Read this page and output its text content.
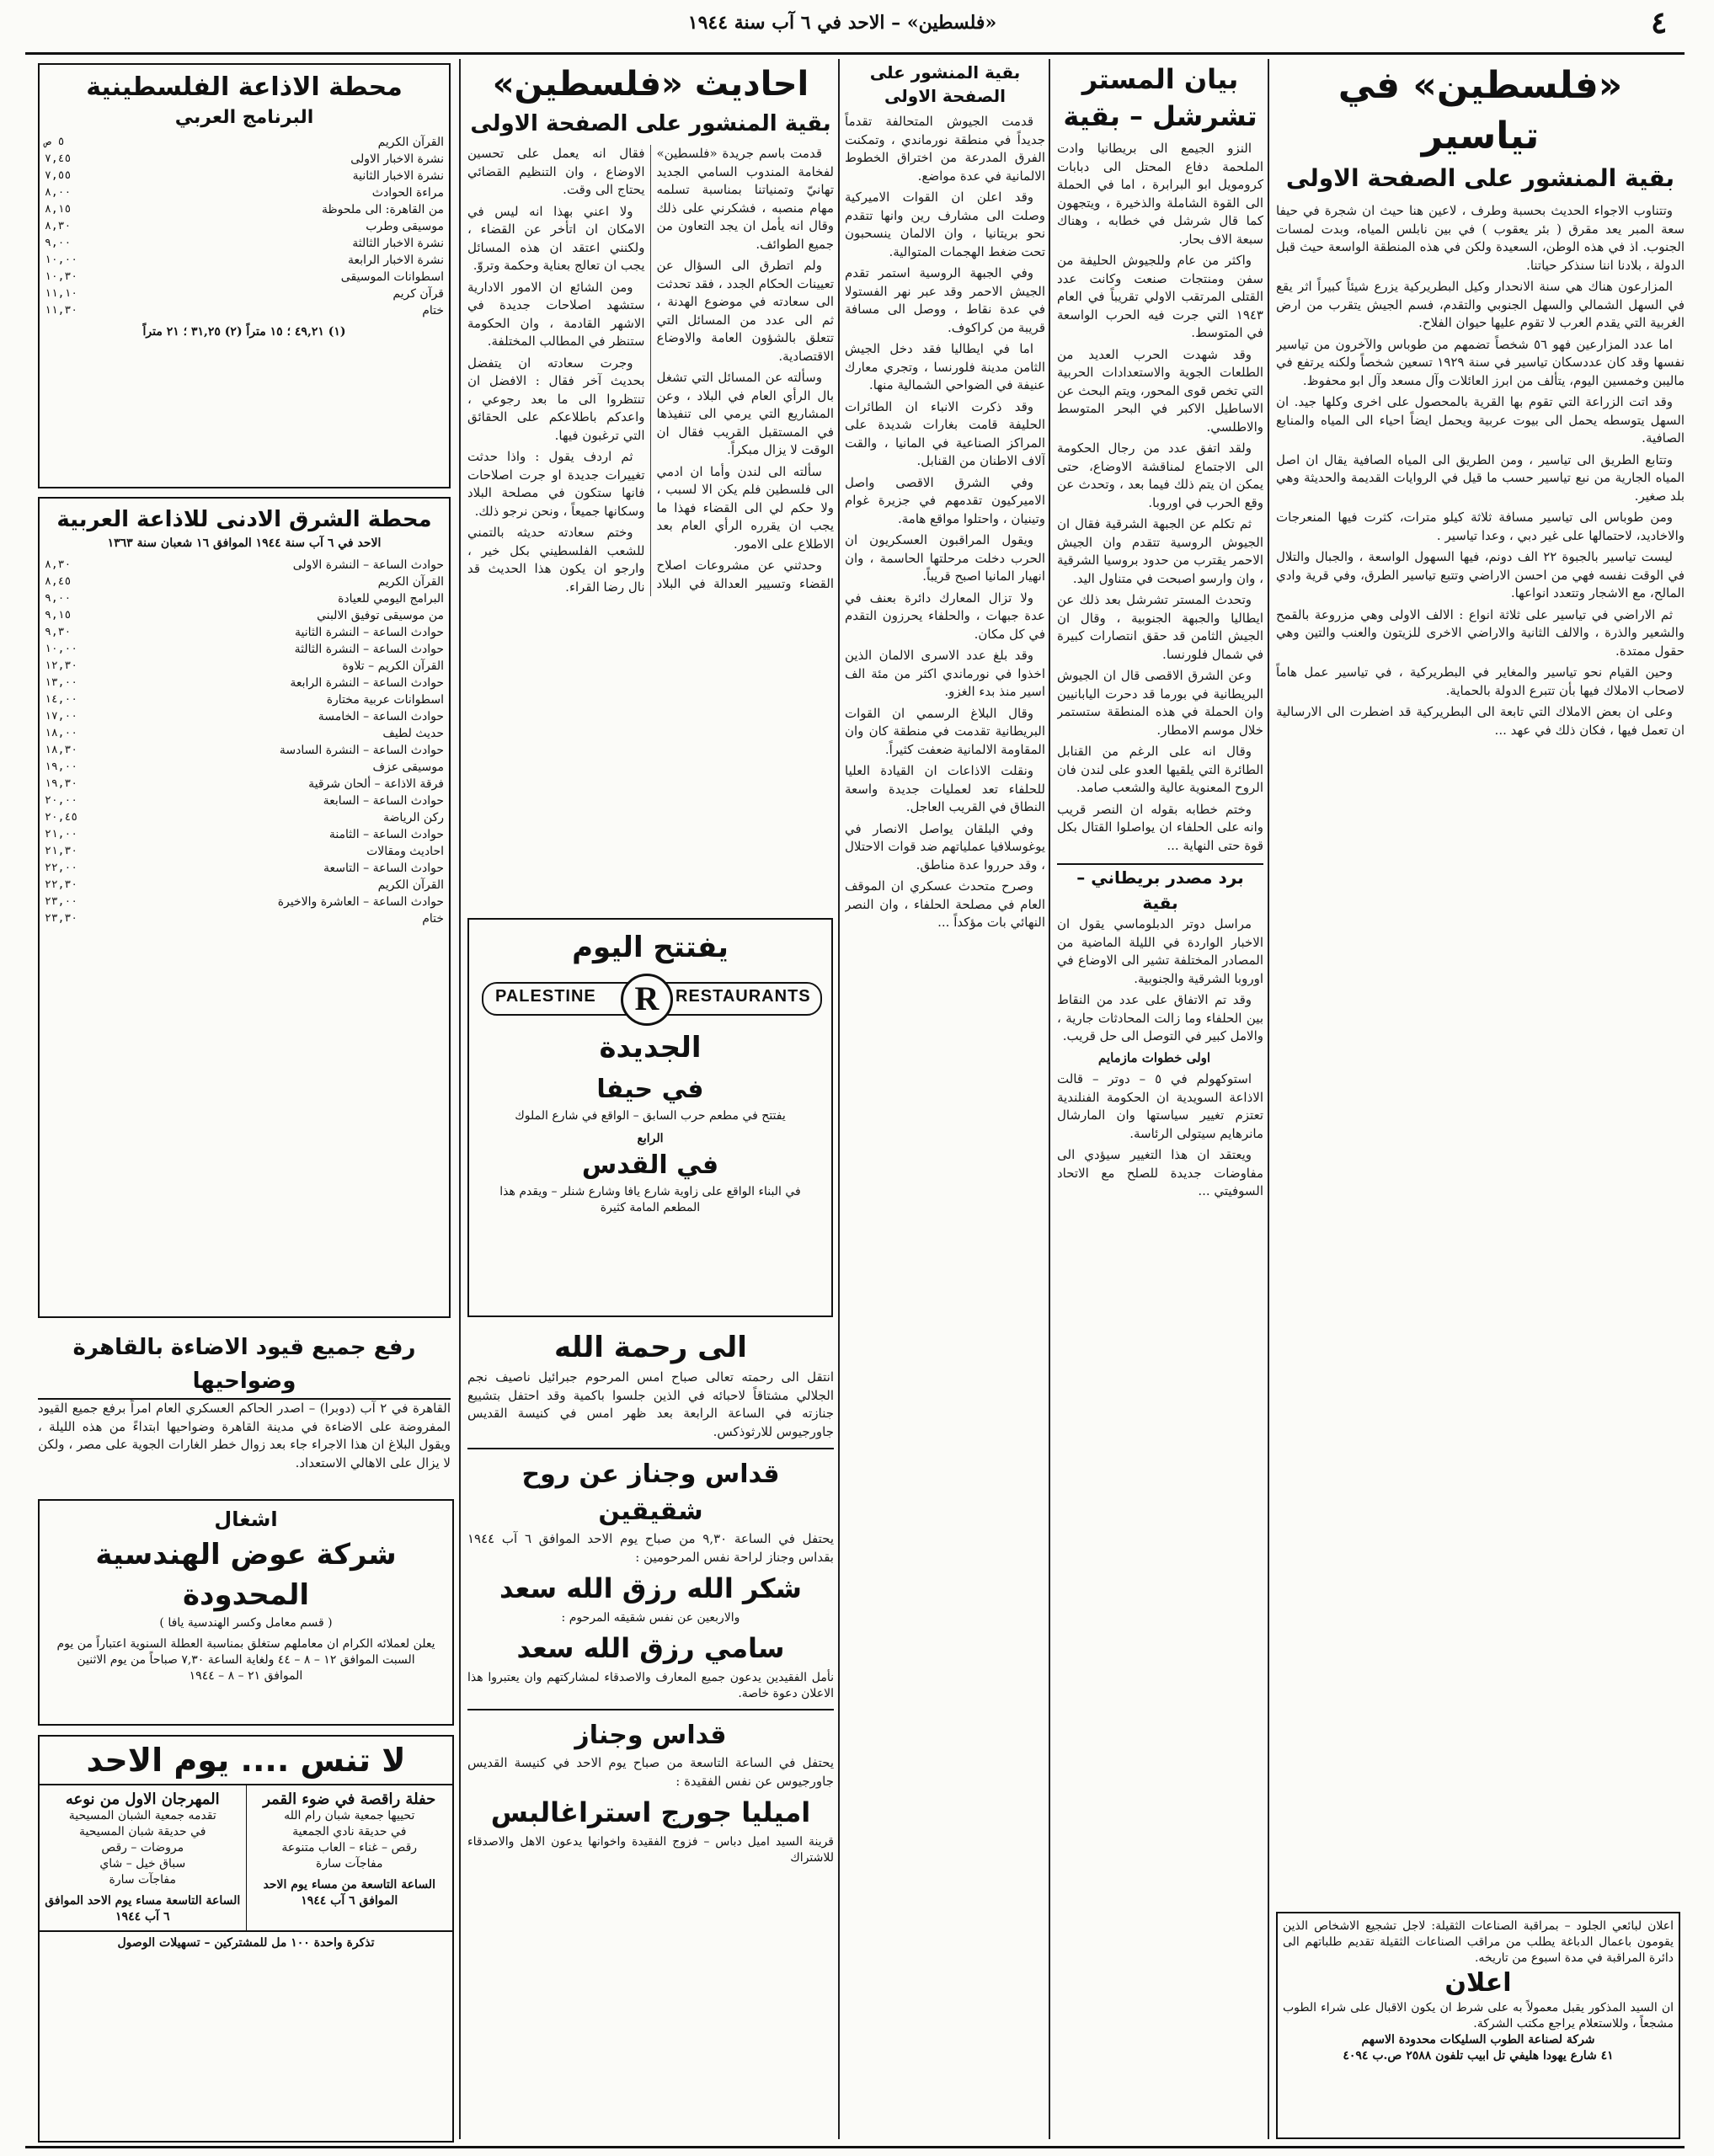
٤
«فلسطين» – الاحد في ٦ آب سنة ١٩٤٤
«فلسطين» في تياسير
بقية المنشور على الصفحة الاولى

وتتناوب الاجواء الحديث بحسبة وطرف ، لاعين هنا حيث ان شجرة في حيفا سعة المبر يعد مقرق ( بئر يعقوب ) في بين نابلس المياه، وبدت لمسات الجنوب. اذ في هذه الوطن، السعيدة ولكن في هذه المنطقة الواسعة حيث قبل الدولة ، بلادنا اننا سنذكر حياتنا.

المزارعون هناك هي سنة الانحدار وكيل البطريركية يزرع شيئاً كبيراً اثر يقع في السهل الشمالي والسهل الجنوبي والتقدم، فسم الجيش يتقرب من ارض الغربية التي يقدم العرب لا تقوم عليها حيوان الفلاح.

اما عدد المزارعين فهو ٥٦ شخصاً تضمهم من طوباس والآخرون من تياسير نفسها وقد كان عددسكان تياسير في سنة ١٩٢٩ تسعين شخصاً ولكنه يرتفع في ماليبن وخمسين اليوم، يتألف من ابرز العائلات وآل مسعد وآل ابو محفوظ.

وقد اتت الزراعة التي تقوم بها القرية بالمحصول على اخرى وكلها جيد. ان السهل يتوسطه يحمل الى بيوت عربية ويحمل ايضاً احياء الى المياه والمنابع الصافية.

وتتابع الطريق الى تياسير ، ومن الطريق الى المياه الصافية يقال ان اصل المياه الجارية من نبع تياسير حسب ما قيل في الروايات القديمة والحديثة وهي بلد صغير.

ومن طوباس الى تياسير مسافة ثلاثة كيلو مترات، كثرت فيها المنعرجات والاخاديد، لاحتمالها على غير دبي ، وعدا تياسير .

ليست تياسير بالجبوة ٢٢ الف دونم، فيها السهول الواسعة ، والجبال والتلال في الوقت نفسه فهي من احسن الاراضي وتتبع تياسير الطرق، وفي قرية وادي المالح، مع الاشجار وتتعدد انواعها.

ثم الاراضي في تياسير على ثلاثة انواع : الالف الاولى وهي مزروعة بالقمح والشعير والذرة ، والالف الثانية والاراضي الاخرى للزيتون والعنب والتين وهي حقول ممتدة.

وحين القيام نحو تياسير والمغاير في البطريركية ، في تياسير عمل هاماً لاصحاب الاملاك فيها بأن تتبرع الدولة بالحماية.

وعلى ان بعض الاملاك التي تابعة الى البطريركية قد اضطرت الى الارسالية ان تعمل فيها ، فكان ذلك في عهد ...

اعلان لبائعي الجلود – بمراقبة الصناعات الثقيلة: لاجل تشجيع الاشخاص الذين يقومون باعمال الدباغة يطلب من مراقب الصناعات الثقيلة تقديم طلباتهم الى دائرة المراقبة في مدة اسبوع من تاريخه.
اعلان
ان السيد المذكور يقبل معمولاً به على شرط ان يكون الاقبال على شراء الطوب مشجعاً ، وللاستعلام يراجع مكتب الشركة.
شركة لصناعة الطوب السليكات محدودة الاسهم
٤١ شارع يهودا هليفي تل ابيب تلفون ٢٥٨٨ ص.ب ٤٠٩٤
بيان المستر تشرشل – بقية

النزو الجيمع الى بريطانيا وادت الملحمة دفاع المحتل الى دبابات كرومويل ابو البرابرة ، اما في الحملة الى القوة الشاملة والذخيرة ، ويتجهون كما قال شرشل في خطابه ، وهناك سبعة الاف بحار.

واكثر من عام وللجيوش الحليفة من سفن ومنتجات صنعت وكانت عدد القتلى المرتقب الاولي تقريباً في العام ١٩٤٣ التي جرت فيه الحرب الواسعة في المتوسط.

وقد شهدت الحرب العديد من الطلعات الجوية والاستعدادات الحربية التي تخص قوى المحور، ويتم البحث عن الاساطيل الاكبر في البحر المتوسط والاطلسي.

ولقد اتفق عدد من رجال الحكومة الى الاجتماع لمناقشة الاوضاع، حتى يمكن ان يتم ذلك فيما بعد ، وتحدث عن وقع الحرب في اوروبا.

ثم تكلم عن الجبهة الشرقية فقال ان الجيوش الروسية تتقدم وان الجيش الاحمر يقترب من حدود بروسيا الشرقية ، وان وارسو اصبحت في متناول اليد.

وتحدث المستر تشرشل بعد ذلك عن ايطاليا والجبهة الجنوبية ، وقال ان الجيش الثامن قد حقق انتصارات كبيرة في شمال فلورنسا.

وعن الشرق الاقصى قال ان الجيوش البريطانية في بورما قد دحرت اليابانيين وان الحملة في هذه المنطقة ستستمر خلال موسم الامطار.

وقال انه على الرغم من القنابل الطائرة التي يلقيها العدو على لندن فان الروح المعنوية عالية والشعب صامد.

وختم خطابه بقوله ان النصر قريب وانه على الحلفاء ان يواصلوا القتال بكل قوة حتى النهاية ...

برد مصدر بريطاني – بقية

مراسل دوتر الدبلوماسي يقول ان الاخبار الواردة في الليلة الماضية من المصادر المختلفة تشير الى الاوضاع في اوروبا الشرقية والجنوبية.

وقد تم الاتفاق على عدد من النقاط بين الحلفاء وما زالت المحادثات جارية ، والامل كبير في التوصل الى حل قريب.

اولى خطوات مازمايم

استوكهولم في ٥ – دوتر – قالت الاذاعة السويدية ان الحكومة الفنلندية تعتزم تغيير سياستها وان المارشال مانرهايم سيتولى الرئاسة.

ويعتقد ان هذا التغيير سيؤدي الى مفاوضات جديدة للصلح مع الاتحاد السوفيتي ...

بقية المنشور على الصفحة الاولى

قدمت الجيوش المتحالفة تقدماً جديداً في منطقة نورماندي ، وتمكنت الفرق المدرعة من اختراق الخطوط الالمانية في عدة مواضع.

وقد اعلن ان القوات الاميركية وصلت الى مشارف رين وانها تتقدم نحو بريتانيا ، وان الالمان ينسحبون تحت ضغط الهجمات المتوالية.

وفي الجبهة الروسية استمر تقدم الجيش الاحمر وقد عبر نهر الفستولا في عدة نقاط ، ووصل الى مسافة قريبة من كراكوف.

اما في ايطاليا فقد دخل الجيش الثامن مدينة فلورنسا ، وتجري معارك عنيفة في الضواحي الشمالية منها.

وقد ذكرت الانباء ان الطائرات الحليفة قامت بغارات شديدة على المراكز الصناعية في المانيا ، والقت آلاف الاطنان من القنابل.

وفي الشرق الاقصى واصل الاميركيون تقدمهم في جزيرة غوام وتينيان ، واحتلوا مواقع هامة.

ويقول المراقبون العسكريون ان الحرب دخلت مرحلتها الحاسمة ، وان انهيار المانيا اصبح قريباً.

ولا تزال المعارك دائرة بعنف في عدة جبهات ، والحلفاء يحرزون التقدم في كل مكان.

وقد بلغ عدد الاسرى الالمان الذين اخذوا في نورماندي اكثر من مئة الف اسير منذ بدء الغزو.

وقال البلاغ الرسمي ان القوات البريطانية تقدمت في منطقة كان وان المقاومة الالمانية ضعفت كثيراً.

ونقلت الاذاعات ان القيادة العليا للحلفاء تعد لعمليات جديدة واسعة النطاق في القريب العاجل.

وفي البلقان يواصل الانصار في يوغوسلافيا عملياتهم ضد قوات الاحتلال ، وقد حرروا عدة مناطق.

وصرح متحدث عسكري ان الموقف العام في مصلحة الحلفاء ، وان النصر النهائي بات مؤكداً ...

احاديث «فلسطين»
بقية المنشور على الصفحة الاولى

قدمت باسم جريدة «فلسطين» لفخامة المندوب السامي الجديد تهانيّ وتمنياتنا بمناسبة تسلمه مهام منصبه ، فشكرني على ذلك وقال انه يأمل ان يجد التعاون من جميع الطوائف.

ولم اتطرق الى السؤال عن تعيينات الحكام الجدد ، فقد تحدثت الى سعادته في موضوع الهدنة ، ثم الى عدد من المسائل التي تتعلق بالشؤون العامة والاوضاع الاقتصادية.

وسألته عن المسائل التي تشغل بال الرأي العام في البلاد ، وعن المشاريع التي يرمي الى تنفيذها في المستقبل القريب فقال ان الوقت لا يزال مبكراً.

سألته الى لندن وأما ان ادمي الى فلسطين فلم يكن الا لسبب ، ولا حكم لي الى القضاء فهذا ما يجب ان يقرره الرأي العام بعد الاطلاع على الامور.

وحدثني عن مشروعات اصلاح القضاء وتسيير العدالة في البلاد فقال انه يعمل على تحسين الاوضاع ، وان التنظيم القضائي يحتاج الى وقت.

ولا اعني بهذا انه ليس في الامكان ان اتأخر عن القضاء ، ولكنني اعتقد ان هذه المسائل يجب ان تعالج بعناية وحكمة وتروّ.

ومن الشائع ان الامور الادارية ستشهد اصلاحات جديدة في الاشهر القادمة ، وان الحكومة ستنظر في المطالب المختلفة.

وجرت سعادته ان يتفضل بحديث آخر فقال : الافضل ان تنتظروا الى ما بعد رجوعي ، واعدكم باطلاعكم على الحقائق التي ترغبون فيها.

ثم اردف يقول : واذا حدثت تغييرات جديدة او جرت اصلاحات فانها ستكون في مصلحة البلاد وسكانها جميعاً ، ونحن نرجو ذلك.

وختم سعادته حديثه بالتمني للشعب الفلسطيني بكل خير ، وارجو ان يكون هذا الحديث قد نال رضا القراء.

يفتتح اليوم
PALESTINE	R RESTAURANTS
الجديدة
في حيفا
يفتتح في مطعم حرب السابق – الواقع في شارع الملوك
الرابع
في القدس
في البناء الواقع على زاوية شارع يافا وشارع شنلر – ويقدم هذا المطعم المامة كثيرة
الى رحمة الله
انتقل الى رحمته تعالى صباح امس المرحوم جبرائيل ناصيف نجم الجلالي مشتاقاً لاحبائه في الذين جلسوا باكمية وقد احتفل بتشييع جنازته في الساعة الرابعة بعد ظهر امس في كنيسة القديس جاورجيوس للارثوذكس.
قداس وجناز عن روح شقيقين
يحتفل في الساعة ٩,٣٠ من صباح يوم الاحد الموافق ٦ آب ١٩٤٤ بقداس وجناز لراحة نفس المرحومين :
شكر الله رزق الله سعد
والاربعين عن نفس شقيقه المرحوم :
سامي رزق الله سعد
نأمل الفقيدين يدعون جميع المعارف والاصدقاء لمشاركتهم وان يعتبروا هذا الاعلان دعوة خاصة.
قداس وجناز
يحتفل في الساعة التاسعة من صباح يوم الاحد في كنيسة القديس جاورجيوس عن نفس الفقيدة :
اميليا جورج استراغالبس
قرينة السيد اميل دباس – فزوج الفقيدة واخوانها يدعون الاهل والاصدقاء للاشتراك
محطة الاذاعة الفلسطينية
البرنامج العربي
القرآن الكريم
٥ ص
نشرة الاخبار الاولى
٧,٤٥
نشرة الاخبار الثانية
٧,٥٥
مراءة الحوادث
٨,٠٠
من القاهرة: الى ملحوظة
٨,١٥
موسيقى وطرب
٨,٣٠
نشرة الاخبار الثالثة
٩,٠٠
نشرة الاخبار الرابعة
١٠,٠٠
اسطوانات الموسيقى
١٠,٣٠
قرآن كريم
١١,١٠
ختام
١١,٣٠
(١) ٤٩,٢١ ؛ ١٥ متراً (٢) ٣١,٢٥ ؛ ٢١ متراً
محطة الشرق الادنى للاذاعة العربية
الاحد في ٦ آب سنة ١٩٤٤ الموافق ١٦ شعبان سنة ١٣٦٣
حوادث الساعة – النشرة الاولى
٨,٣٠
القرآن الكريم
٨,٤٥
البرامج اليومي للعيادة
٩,٠٠
من موسيقى توفيق الالبني
٩,١٥
حوادث الساعة – النشرة الثانية
٩,٣٠
حوادث الساعة – النشرة الثالثة
١٠,٠٠
القرآن الكريم – تلاوة
١٢,٣٠
حوادث الساعة – النشرة الرابعة
١٣,٠٠
اسطوانات عربية مختارة
١٤,٠٠
حوادث الساعة – الخامسة
١٧,٠٠
حديث لطيف
١٨,٠٠
حوادث الساعة – النشرة السادسة
١٨,٣٠
موسيقى عزف
١٩,٠٠
فرقة الاذاعة – ألحان شرقية
١٩,٣٠
حوادث الساعة – السابعة
٢٠,٠٠
ركن الرياضة
٢٠,٤٥
حوادث الساعة – الثامنة
٢١,٠٠
احاديث ومقالات
٢١,٣٠
حوادث الساعة – التاسعة
٢٢,٠٠
القرآن الكريم
٢٢,٣٠
حوادث الساعة – العاشرة والاخيرة
٢٣,٠٠
ختام
٢٣,٣٠
رفع جميع قيود الاضاءة بالقاهرة وضواحيها
القاهرة في ٢ آب (دوبرا) – اصدر الحاكم العسكري العام امراً برفع جميع القيود المفروضة على الاضاءة في مدينة القاهرة وضواحيها ابتداءً من هذه الليلة ، ويقول البلاغ ان هذا الاجراء جاء بعد زوال خطر الغارات الجوية على مصر ، ولكن لا يزال على الاهالي الاستعداد.
اشغال
شركة عوض الهندسية المحدودة
( قسم معامل وكسر الهندسية يافا )
يعلن لعملائه الكرام ان معاملهم ستغلق بمناسبة العطلة السنوية اعتباراً من يوم السبت الموافق ١٢ – ٨ – ٤٤ ولغاية الساعة ٧,٣٠ صباحاً من يوم الاثنين الموافق ٢١ – ٨ – ١٩٤٤
لا تنس .... يوم الاحد
حفلة راقصة في ضوء القمر
تحييها جمعية شبان رام الله
في حديقة نادي الجمعية
رقص – غناء – العاب متنوعة
مفاجآت سارة
الساعة التاسعة من مساء يوم الاحد الموافق ٦ آب ١٩٤٤
المهرجان الاول من نوعه
تقدمه جمعية الشبان المسيحية
في حديقة شبان المسيحية
مروضات – رقص
سباق خيل – شاي
مفاجآت سارة
الساعة التاسعة مساء يوم الاحد الموافق ٦ آب ١٩٤٤
تذكرة واحدة ١٠٠ مل للمشتركين – تسهيلات الوصول
